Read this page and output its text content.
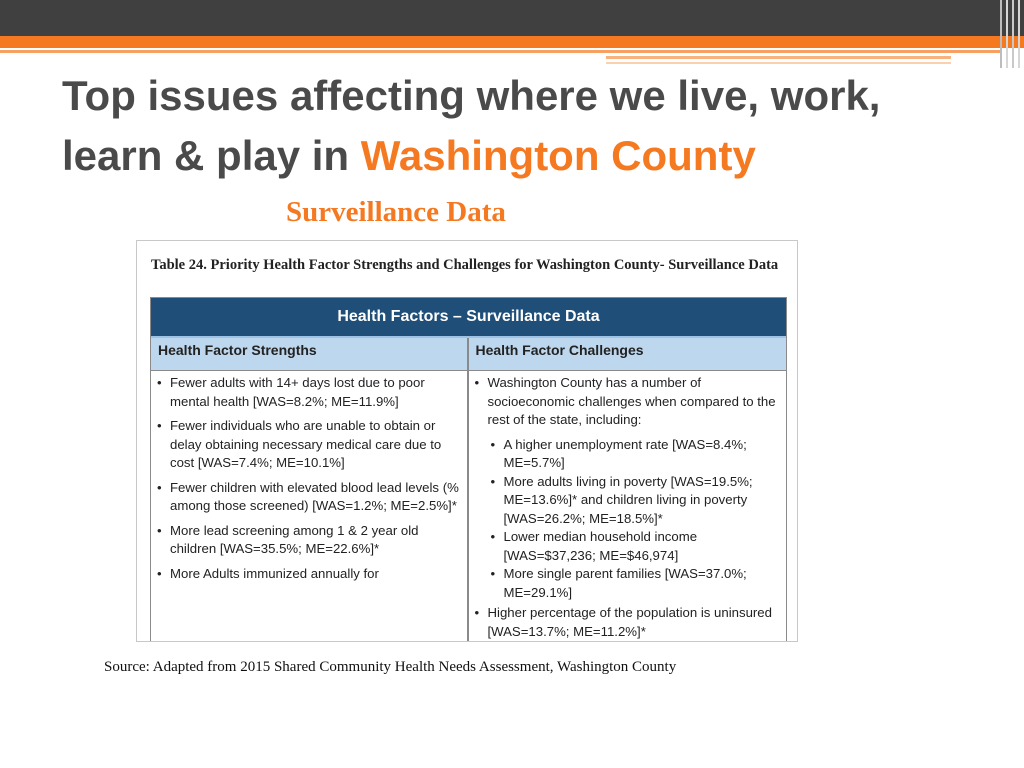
Top issues affecting where we live, work, learn & play in Washington County

Surveillance Data

Table 24. Priority Health Factor Strengths and Challenges for Washington County- Surveillance Data

Health Factors – Surveillance Data
Health Factor Strengths	Health Factor Challenges
• Fewer adults with 14+ days lost due to poor mental health [WAS=8.2%; ME=11.9%]
• Fewer individuals who are unable to obtain or delay obtaining necessary medical care due to cost [WAS=7.4%; ME=10.1%]
• Fewer children with elevated blood lead levels (% among those screened) [WAS=1.2%; ME=2.5%]*
• More lead screening among 1 & 2 year old children [WAS=35.5%; ME=22.6%]*
• More Adults immunized annually for
• Washington County has a number of socioeconomic challenges when compared to the rest of the state, including:
• A higher unemployment rate [WAS=8.4%; ME=5.7%]
• More adults living in poverty [WAS=19.5%; ME=13.6%]* and children living in poverty [WAS=26.2%; ME=18.5%]*
• Lower median household income [WAS=$37,236; ME=$46,974]
• More single parent families [WAS=37.0%; ME=29.1%]
• Higher percentage of the population is uninsured [WAS=13.7%; ME=11.2%]*

Source: Adapted from 2015 Shared Community Health Needs Assessment, Washington County
